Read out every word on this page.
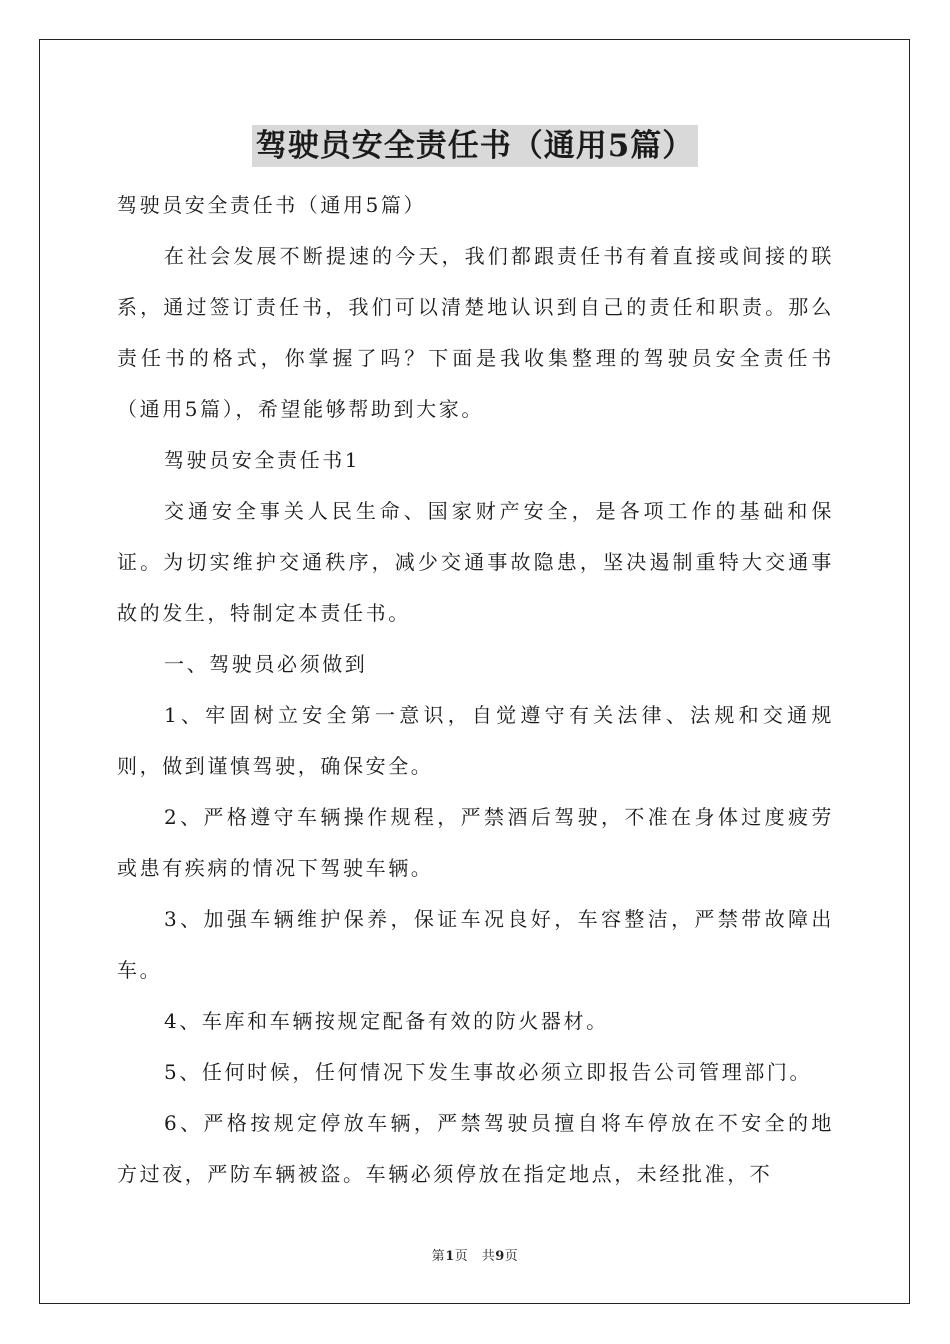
驾驶员安全责任书（通用5篇）

驾驶员安全责任书（通用5篇）

在社会发展不断提速的今天，我们都跟责任书有着直接或间接的联系，通过签订责任书，我们可以清楚地认识到自己的责任和职责。那么责任书的格式，你掌握了吗？下面是我收集整理的驾驶员安全责任书（通用5篇），希望能够帮助到大家。

驾驶员安全责任书1

交通安全事关人民生命、国家财产安全，是各项工作的基础和保证。为切实维护交通秩序，减少交通事故隐患，坚决遏制重特大交通事故的发生，特制定本责任书。

一、驾驶员必须做到

1、牢固树立安全第一意识，自觉遵守有关法律、法规和交通规则，做到谨慎驾驶，确保安全。

2、严格遵守车辆操作规程，严禁酒后驾驶，不准在身体过度疲劳或患有疾病的情况下驾驶车辆。

3、加强车辆维护保养，保证车况良好，车容整洁，严禁带故障出车。

4、车库和车辆按规定配备有效的防火器材。

5、任何时候，任何情况下发生事故必须立即报告公司管理部门。

6、严格按规定停放车辆，严禁驾驶员擅自将车停放在不安全的地方过夜，严防车辆被盗。车辆必须停放在指定地点，未经批准，不

第1页　共9页
